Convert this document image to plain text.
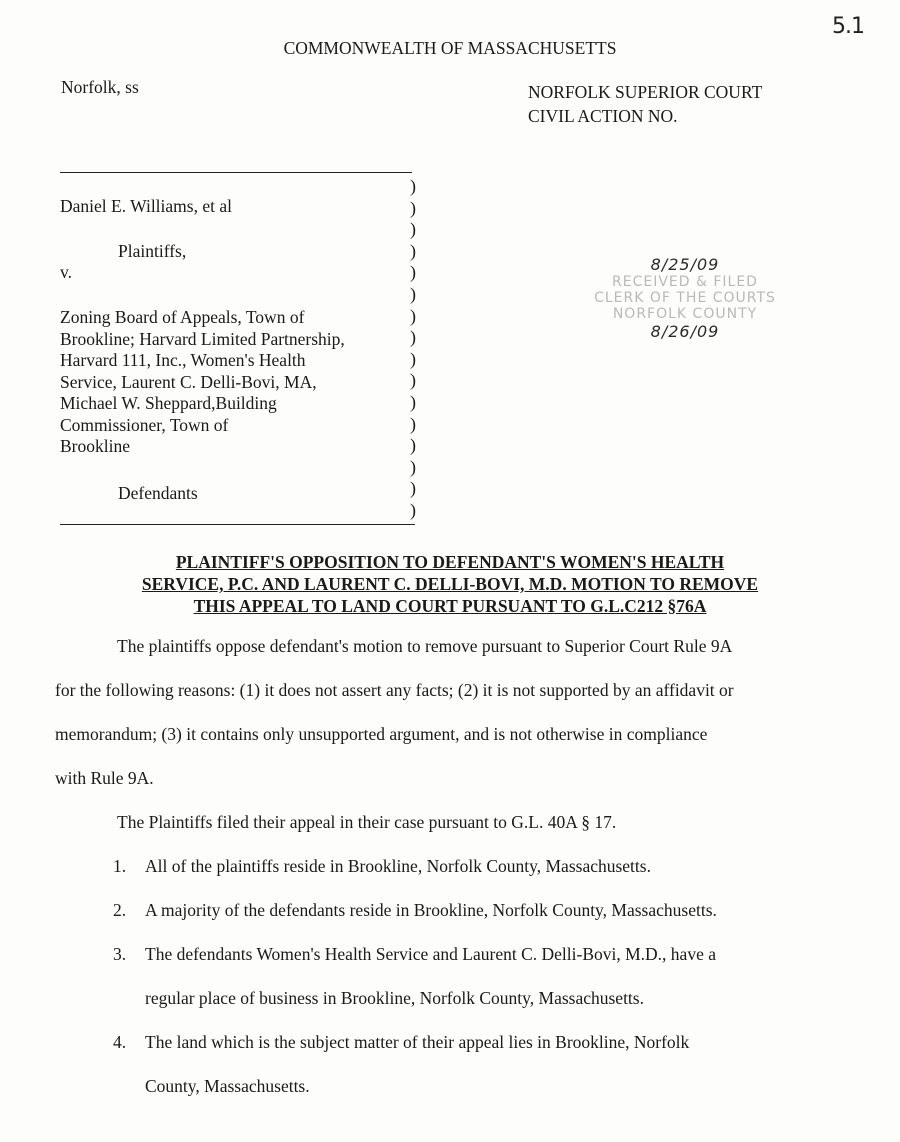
5.1
COMMONWEALTH OF MASSACHUSETTS
Norfolk, ss	NORFOLK SUPERIOR COURT
CIVIL ACTION NO.
Daniel E. Williams, et al
Plaintiffs,
v.
Zoning Board of Appeals, Town of
Brookline; Harvard Limited Partnership,
Harvard 111, Inc., Women's Health
Service, Laurent C. Delli-Bovi, MA,
Michael W. Sheppard,Building
Commissioner, Town of
Brookline
Defendants
)
)
)
)
)
)
)
)
)
)
)
)
)
)
)
)
8/25/09
RECEIVED & FILED
CLERK OF THE COURTS
NORFOLK COUNTY
8/26/09
PLAINTIFF'S OPPOSITION TO DEFENDANT'S WOMEN'S HEALTH
SERVICE, P.C. AND LAURENT C. DELLI-BOVI, M.D. MOTION TO REMOVE
THIS APPEAL TO LAND COURT PURSUANT TO G.L.C212 §76A
The plaintiffs oppose defendant's motion to remove pursuant to Superior Court Rule 9A
for the following reasons: (1) it does not assert any facts; (2) it is not supported by an affidavit or
memorandum; (3) it contains only unsupported argument, and is not otherwise in compliance
with Rule 9A.
The Plaintiffs filed their appeal in their case pursuant to G.L. 40A § 17.
1.	All of the plaintiffs reside in Brookline, Norfolk County, Massachusetts.
2.	A majority of the defendants reside in Brookline, Norfolk County, Massachusetts.
3.	The defendants Women's Health Service and Laurent C. Delli-Bovi, M.D., have a
regular place of business in Brookline, Norfolk County, Massachusetts.
4.	The land which is the subject matter of their appeal lies in Brookline, Norfolk
County, Massachusetts.
